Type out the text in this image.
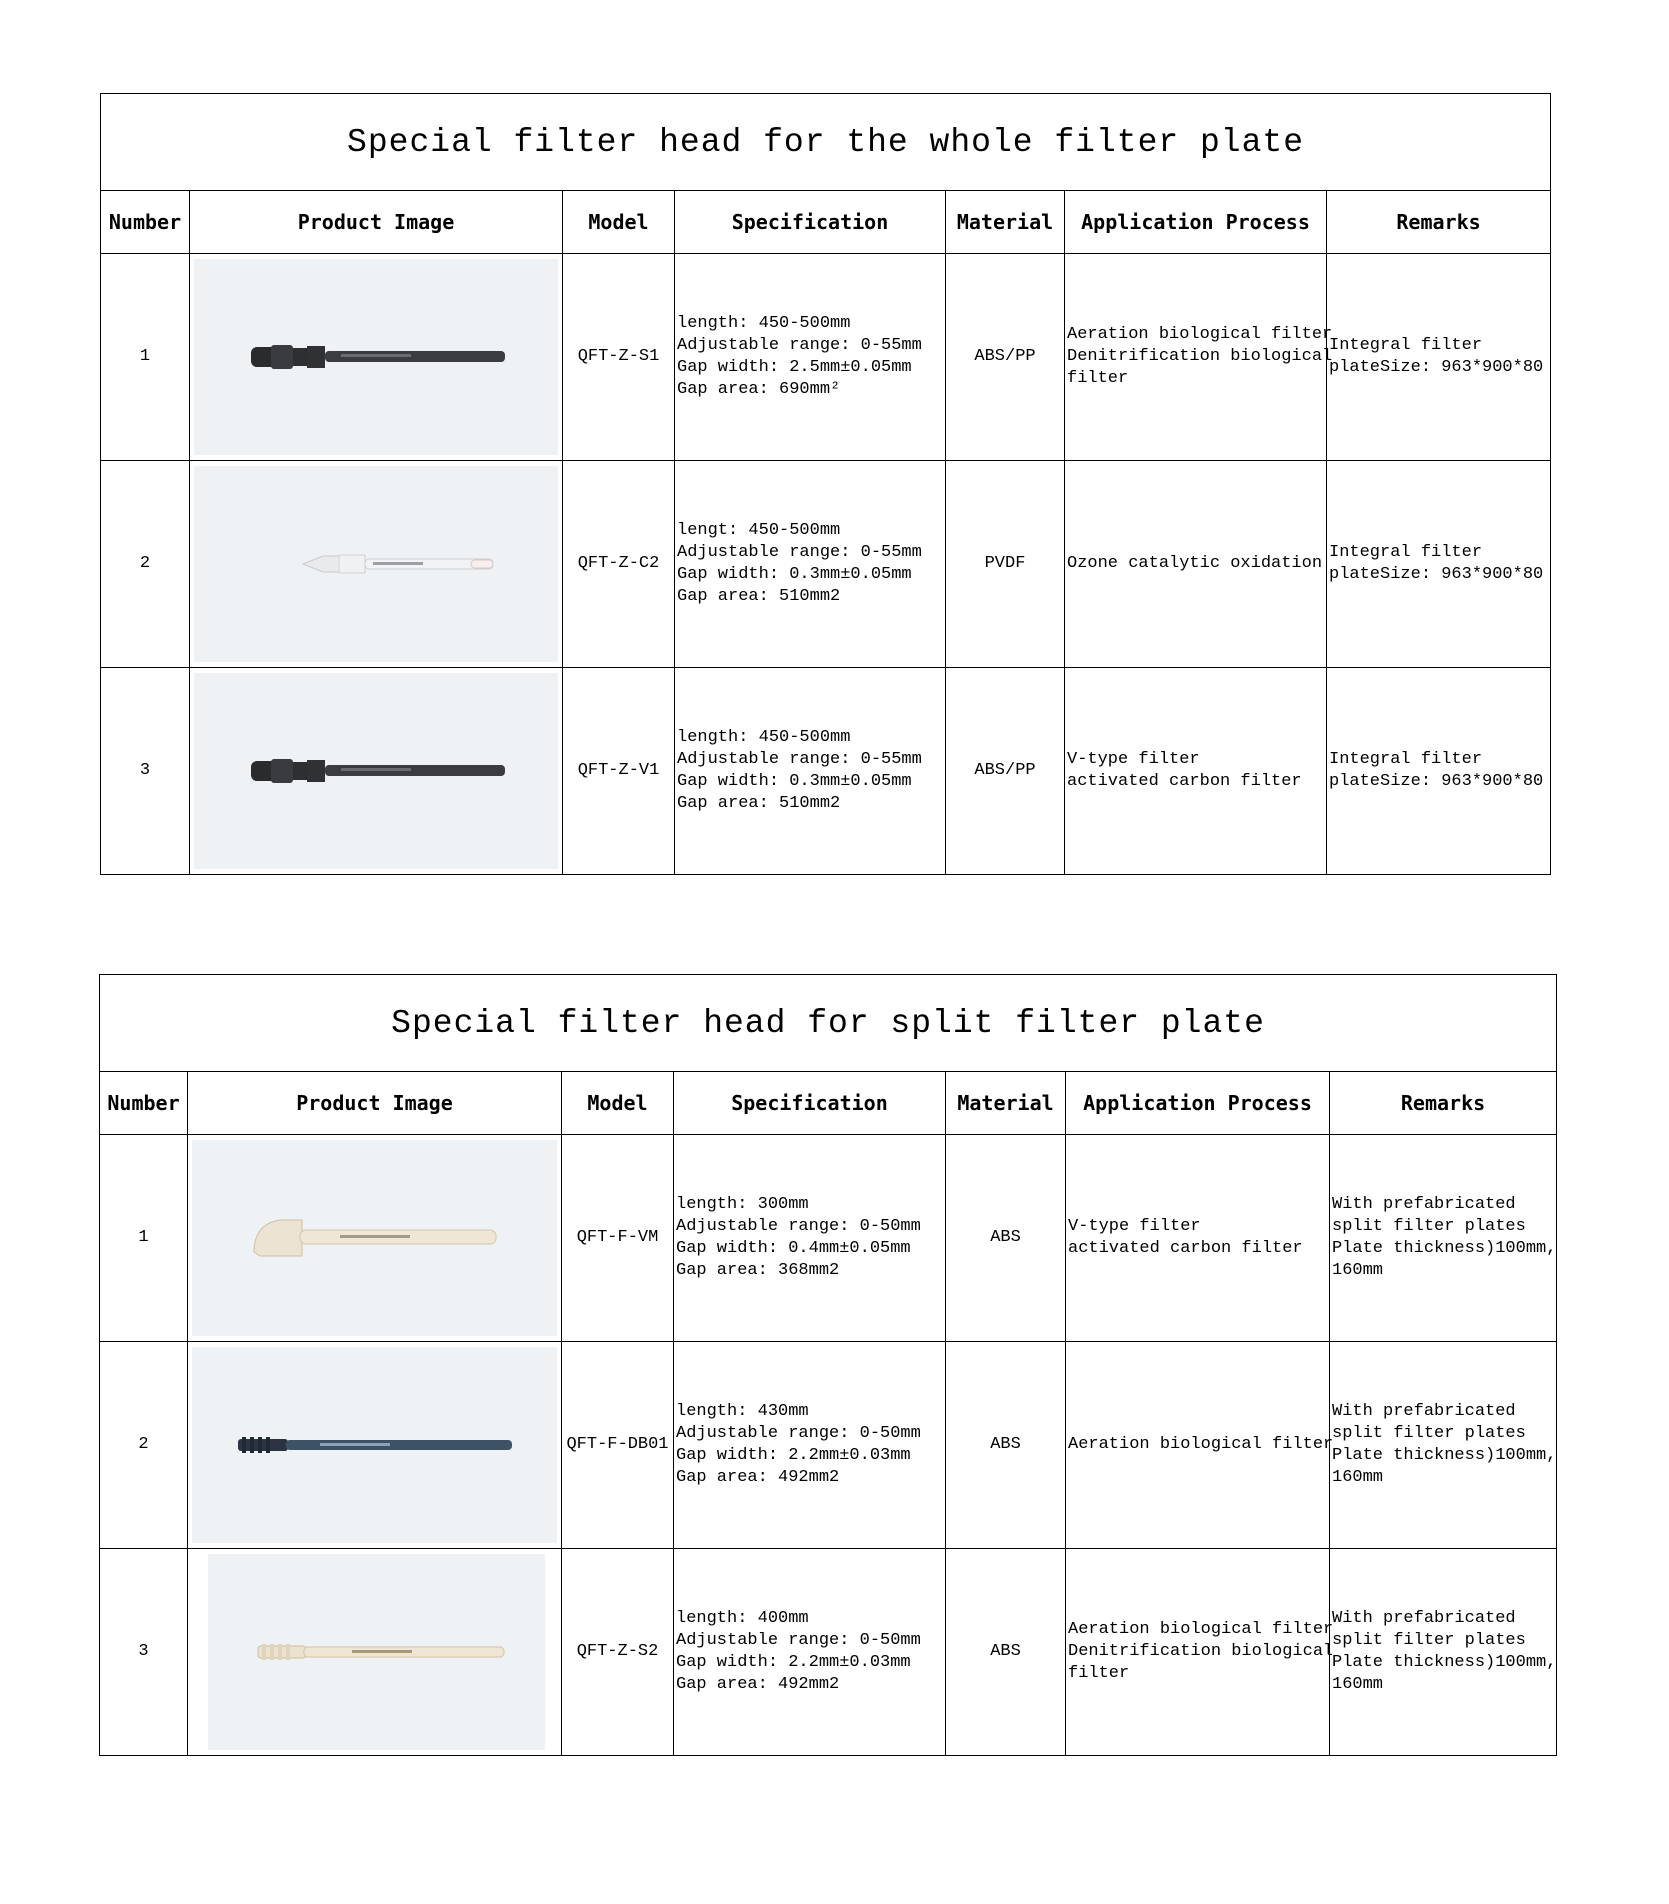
Special filter head for the whole filter plate						
Number	Product Image	Model	Specification	Material	Application Process	Remarks
1		QFT-Z-S1	length: 450-500mm
Adjustable range: 0-55mm
Gap width: 2.5mm±0.05mm
Gap area: 690mm²	ABS/PP	Aeration biological filter
Denitrification biological
filter	Integral filter
plateSize: 963*900*80

2		QFT-Z-C2	lengt: 450-500mm
Adjustable range: 0-55mm
Gap width: 0.3mm±0.05mm
Gap area: 510mm2	PVDF	Ozone catalytic oxidation	Integral filter
plateSize: 963*900*80

3		QFT-Z-V1	length: 450-500mm
Adjustable range: 0-55mm
Gap width: 0.3mm±0.05mm
Gap area: 510mm2	ABS/PP	V-type filter
activated carbon filter	Integral filter
plateSize: 963*900*80
Special filter head for split filter plate						
Number	Product Image	Model	Specification	Material	Application Process	Remarks
1		QFT-F-VM	length: 300mm
Adjustable range: 0-50mm
Gap width: 0.4mm±0.05mm
Gap area: 368mm2	ABS	V-type filter
activated carbon filter	With prefabricated
split filter plates
Plate thickness)100mm,
160mm

2		QFT-F-DB01	length: 430mm
Adjustable range: 0-50mm
Gap width: 2.2mm±0.03mm
Gap area: 492mm2	ABS	Aeration biological filter	With prefabricated
split filter plates
Plate thickness)100mm,
160mm

3		QFT-Z-S2	length: 400mm
Adjustable range: 0-50mm
Gap width: 2.2mm±0.03mm
Gap area: 492mm2	ABS	Aeration biological filter
Denitrification biological
filter	With prefabricated
split filter plates
Plate thickness)100mm,
160mm
